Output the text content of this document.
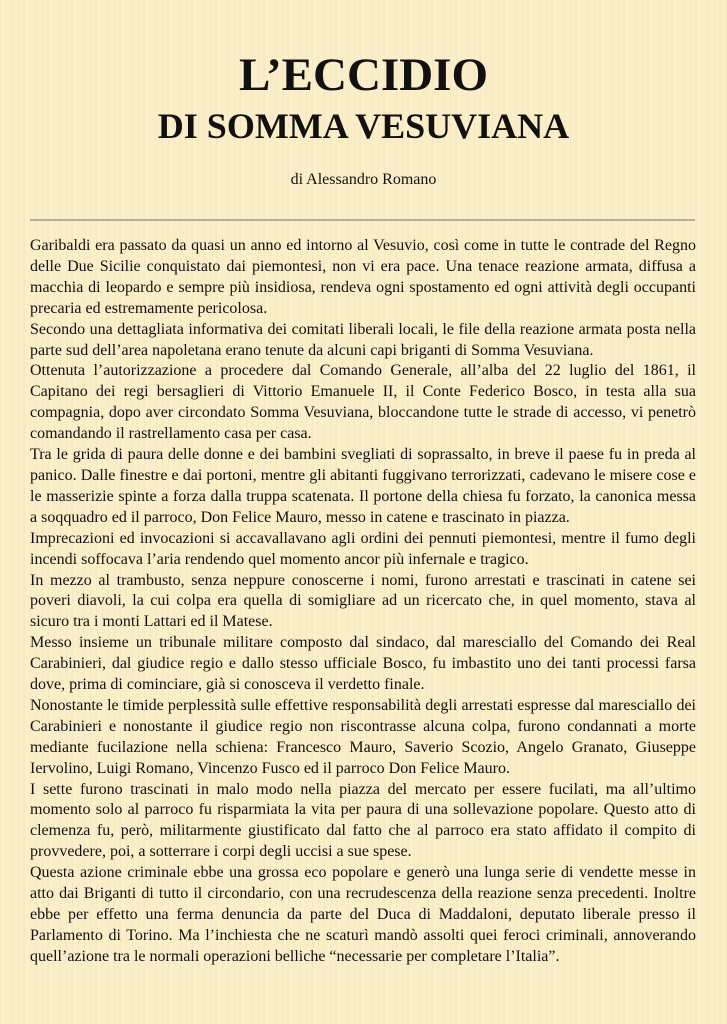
L’ECCIDIO
DI SOMMA VESUVIANA
di Alessandro Romano

Garibaldi era passato da quasi un anno ed intorno al Vesuvio, così come in tutte le contrade del Regno delle Due Sicilie conquistato dai piemontesi, non vi era pace. Una tenace reazione armata, diffusa a macchia di leopardo e sempre più insidiosa, rendeva ogni spostamento ed ogni attività degli occupanti precaria ed estremamente pericolosa.

Secondo una dettagliata informativa dei comitati liberali locali, le file della reazione armata posta nella parte sud dell’area napoletana erano tenute da alcuni capi briganti di Somma Vesuviana.

Ottenuta l’autorizzazione a procedere dal Comando Generale, all’alba del 22 luglio del 1861, il Capitano dei regi bersaglieri di Vittorio Emanuele II, il Conte Federico Bosco, in testa alla sua compagnia, dopo aver circondato Somma Vesuviana, bloccandone tutte le strade di accesso, vi penetrò comandando il rastrellamento casa per casa.

Tra le grida di paura delle donne e dei bambini svegliati di soprassalto, in breve il paese fu in preda al panico. Dalle finestre e dai portoni, mentre gli abitanti fuggivano terrorizzati, cadevano le misere cose e le masserizie spinte a forza dalla truppa scatenata. Il portone della chiesa fu forzato, la canonica messa a soqquadro ed il parroco, Don Felice Mauro, messo in catene e trascinato in piazza.

Imprecazioni ed invocazioni si accavallavano agli ordini dei pennuti piemontesi, mentre il fumo degli incendi soffocava l’aria rendendo quel momento ancor più infernale e tragico.

In mezzo al trambusto, senza neppure conoscerne i nomi, furono arrestati e trascinati in catene sei poveri diavoli, la cui colpa era quella di somigliare ad un ricercato che, in quel momento, stava al sicuro tra i monti Lattari ed il Matese.

Messo insieme un tribunale militare composto dal sindaco, dal maresciallo del Comando dei Real Carabinieri, dal giudice regio e dallo stesso ufficiale Bosco, fu imbastito uno dei tanti processi farsa dove, prima di cominciare, già si conosceva il verdetto finale.

Nonostante le timide perplessità sulle effettive responsabilità degli arrestati espresse dal maresciallo dei Carabinieri e nonostante il giudice regio non riscontrasse alcuna colpa, furono condannati a morte mediante fucilazione nella schiena: Francesco Mauro, Saverio Scozio, Angelo Granato, Giuseppe Iervolino, Luigi Romano, Vincenzo Fusco ed il parroco Don Felice Mauro.

I sette furono trascinati in malo modo nella piazza del mercato per essere fucilati, ma all’ultimo momento solo al parroco fu risparmiata la vita per paura di una sollevazione popolare. Questo atto di clemenza fu, però, militarmente giustificato dal fatto che al parroco era stato affidato il compito di provvedere, poi, a sotterrare i corpi degli uccisi a sue spese.

Questa azione criminale ebbe una grossa eco popolare e generò una lunga serie di vendette messe in atto dai Briganti di tutto il circondario, con una recrudescenza della reazione senza precedenti. Inoltre ebbe per effetto una ferma denuncia da parte del Duca di Maddaloni, deputato liberale presso il Parlamento di Torino. Ma l’inchiesta che ne scaturì mandò assolti quei feroci criminali, annoverando quell’azione tra le normali operazioni belliche “necessarie per completare l’Italia”.
